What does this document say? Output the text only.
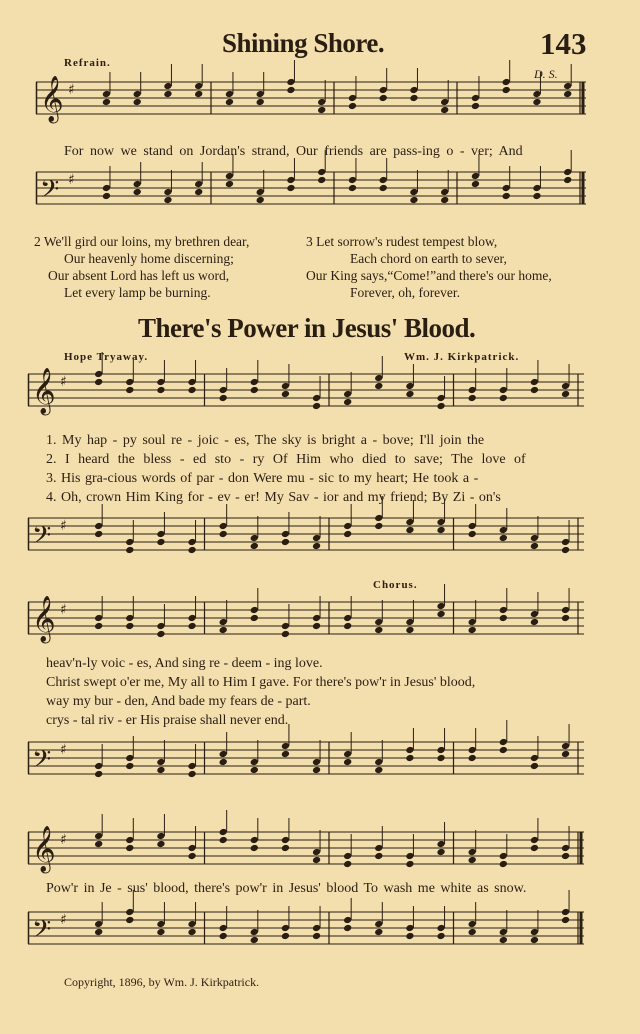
Shining Shore.	143
Refrain.
D. S.
𝄞 ♯
For now we stand on Jordan's strand, Our friends are pass-ing o - ver; And
𝄢 ♯
2 We'll gird our loins, my brethren dear,
Our heavenly home discerning;
Our absent Lord has left us word,
Let every lamp be burning.
3 Let sorrow's rudest tempest blow,
Each chord on earth to sever,
Our King says,“Come!”and there's our home,
Forever, oh, forever.
There's Power in Jesus' Blood.
Hope Tryaway.	Wm. J. Kirkpatrick.
𝄞 ♯
1. My hap - py soul re - joic - es, The sky is bright a - bove; I'll join the
2. I heard the bless - ed sto - ry Of Him who died to save; The love of
3. His gra-cious words of par - don Were mu - sic to my heart; He took a -
4. Oh, crown Him King for - ev - er! My Sav - ior and my friend; By Zi - on's
𝄢 ♯
Chorus.
𝄞 ♯
heav'n-ly voic - es, And sing re - deem - ing love.
Christ swept o'er me, My all to Him I gave. For there's pow'r in Jesus' blood,
way my bur - den, And bade my fears de - part.
crys - tal riv - er His praise shall never end.
𝄢 ♯
𝄞 ♯
Pow'r in Je - sus' blood, there's pow'r in Jesus' blood To wash me white as snow.
𝄢 ♯
Copyright, 1896, by Wm. J. Kirkpatrick.
